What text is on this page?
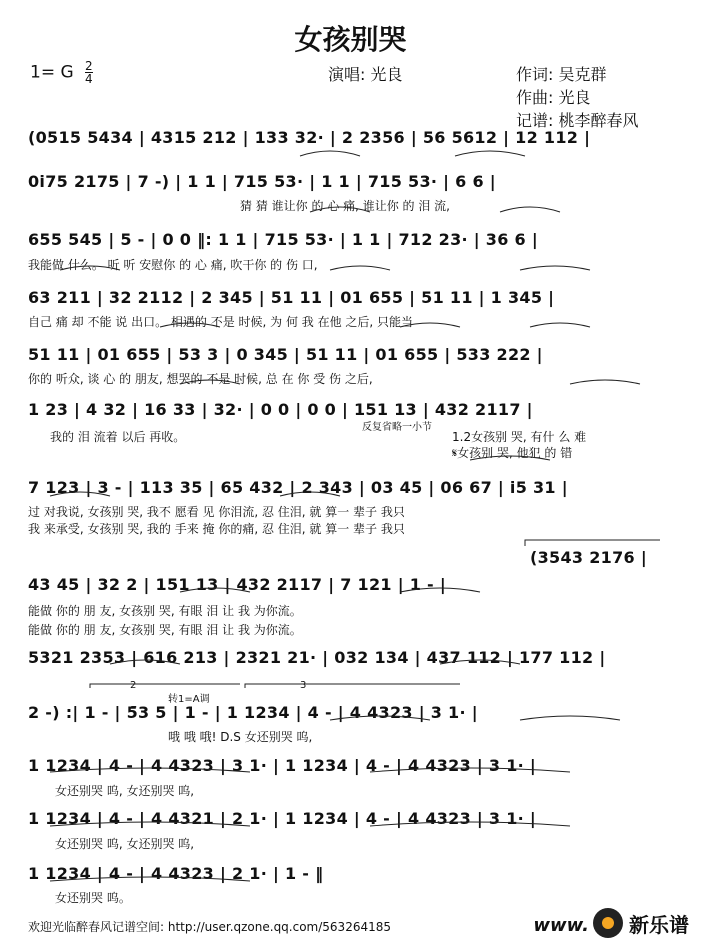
女孩别哭
1= G $\frac{2}{4}$	演唱: 光良	作词: 吴克群
作曲: 光良
记谱: 桃李醉春风
(0515 5434 | 4315 212 | 133 32· | 2 2356 | 56 5612 | 12 112 |
0i75 2175 | 7 -) | 1 1 | 715 53· | 1 1 | 715 53· | 6 6 |
猜 猜 谁让你 的 心 痛, 谁让你 的 泪 流,
655 545 | 5 - | 0 0 ‖: 1 1 | 715 53· | 1 1 | 712 23· | 36 6 |
我能做 什么。 听 听 安慰你 的 心 痛, 吹干你 的 伤 口,
63 211 | 32 2112 | 2 345 | 51 11 | 01 655 | 51 11 | 1 345 |
自己 痛 却 不能 说 出口。 相遇的 不是 时候, 为 何 我 在他 之后, 只能当
51 11 | 01 655 | 53 3 | 0 345 | 51 11 | 01 655 | 533 222 |
你的 听众, 谈 心 的 朋友, 想哭的 不是 时候, 总 在 你 受 伤 之后,
1 23 | 4 32 | 16 33 | 32· | 0 0 | 0 0 | 151 13 | 432 2117 |
我的 泪 流着 以后 再收。
反复省略一小节
1.2女孩别 哭, 有什 么 难
𝄋女孩别 哭, 他犯 的 错
7 123 | 3 - | 113 35 | 65 432 | 2 343 | 03 45 | 06 67 | i5 31 |
过 对我说, 女孩别 哭, 我不 愿看 见 你泪流, 忍 住泪, 就 算一 辈子 我只
我 来承受, 女孩别 哭, 我的 手来 掩 你的痛, 忍 住泪, 就 算一 辈子 我只
(3543 2176 |
43 45 | 32 2 | 151 13 | 432 2117 | 7 121 | 1 - |
能做 你的 朋 友, 女孩别 哭, 有眼 泪 让 我 为你流。
能做 你的 朋 友, 女孩别 哭, 有眼 泪 让 我 为你流。
5321 2353 | 616 213 | 2321 21· | 032 134 | 437 112 | 177 112 |
2	3
转1=A调
2 -) :| 1 - | 5̄3 5 | 1 - | 1 1234 | 4 - | 4 4323 | 3 1· |
哦 哦 哦! D.S 女还别哭 呜,
1 1234 | 4 - | 4 4323 | 3 1· | 1 1234 | 4 - | 4 4323 | 3 1· |
女还别哭 呜, 女还别哭 呜,
1 1234 | 4 - | 4 4321 | 2 1· | 1 1234 | 4 - | 4 4323 | 3 1· |
女还别哭 呜, 女还别哭 呜,
1 1234 | 4 - | 4 4323 | 2 1· | 1 - ‖
女还别哭 呜。
欢迎光临醉春风记谱空间: http://user.qzone.qq.com/563264185	www. 新乐谱
